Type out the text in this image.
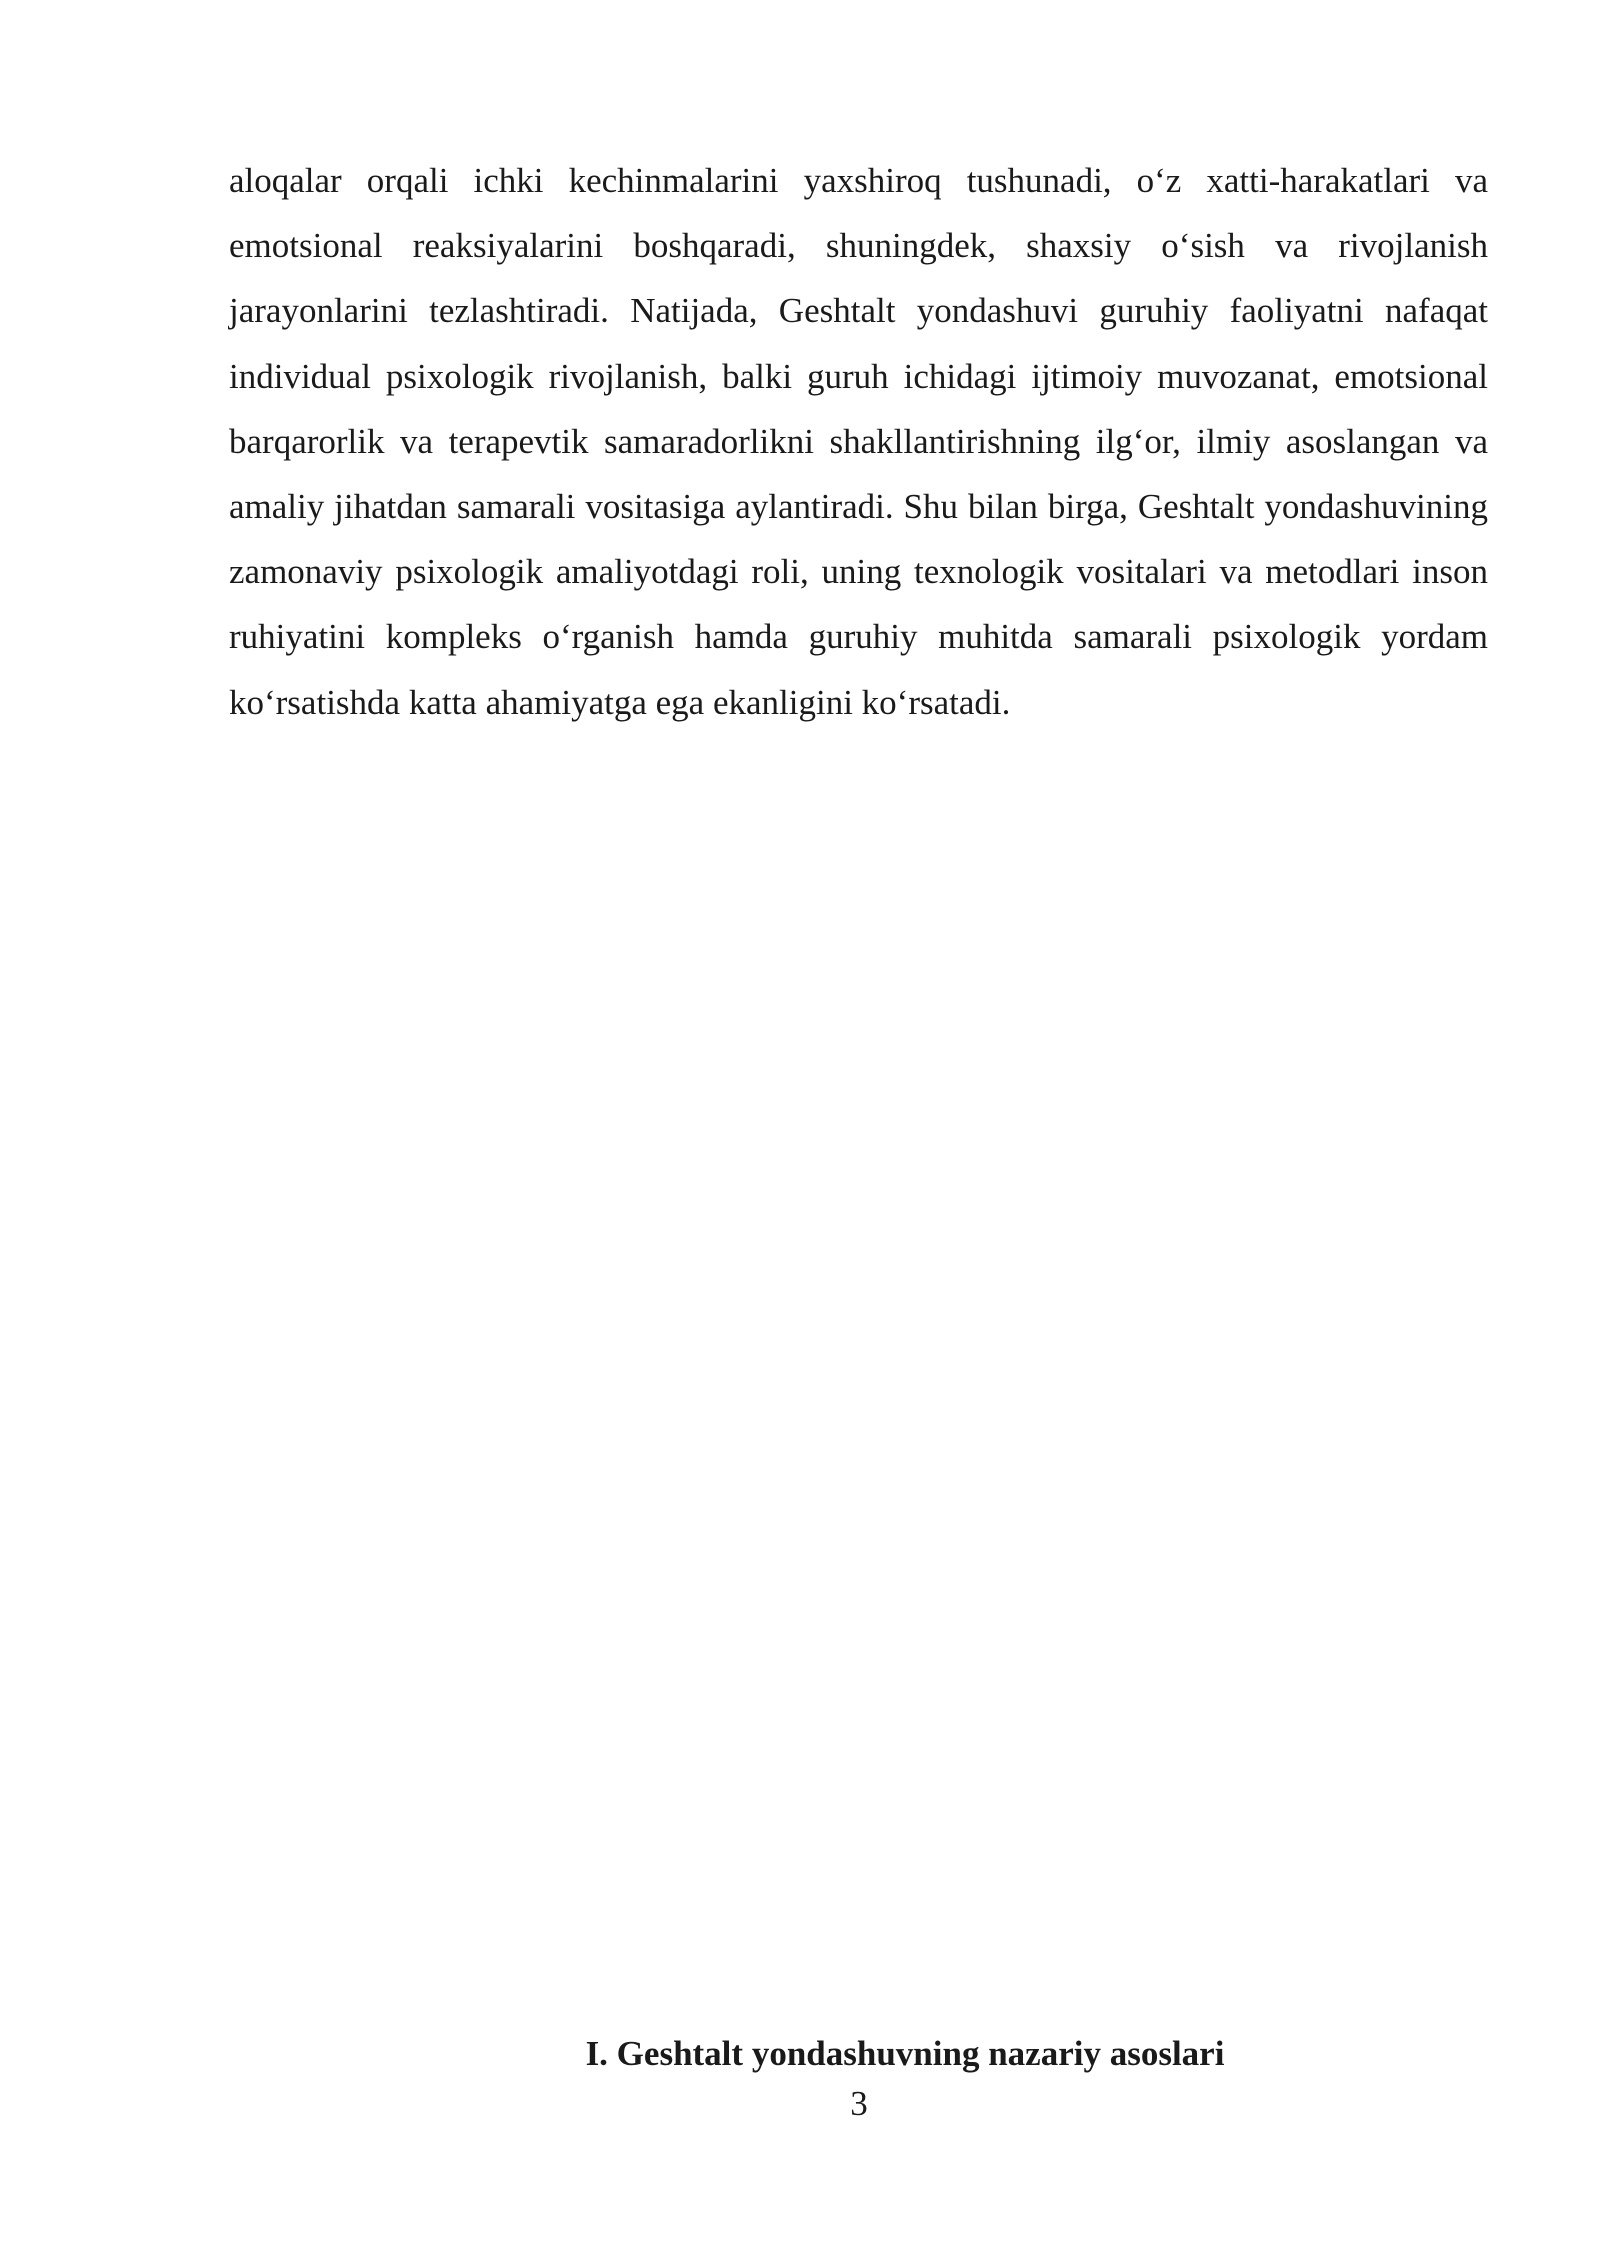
aloqalar orqali ichki kechinmalarini yaxshiroq tushunadi, o‘z xatti-harakatlari va emotsional reaksiyalarini boshqaradi, shuningdek, shaxsiy o‘sish va rivojlanish jarayonlarini tezlashtiradi. Natijada, Geshtalt yondashuvi guruhiy faoliyatni nafaqat individual psixologik rivojlanish, balki guruh ichidagi ijtimoiy muvozanat, emotsional barqarorlik va terapevtik samaradorlikni shakllantirishning ilg‘or, ilmiy asoslangan va amaliy jihatdan samarali vositasiga aylantiradi. Shu bilan birga, Geshtalt yondashuvining zamonaviy psixologik amaliyotdagi roli, uning texnologik vositalari va metodlari inson ruhiyatini kompleks o‘rganish hamda guruhiy muhitda samarali psixologik yordam ko‘rsatishda katta ahamiyatga ega ekanligini ko‘rsatadi.

I. Geshtalt yondashuvning nazariy asoslari
3
